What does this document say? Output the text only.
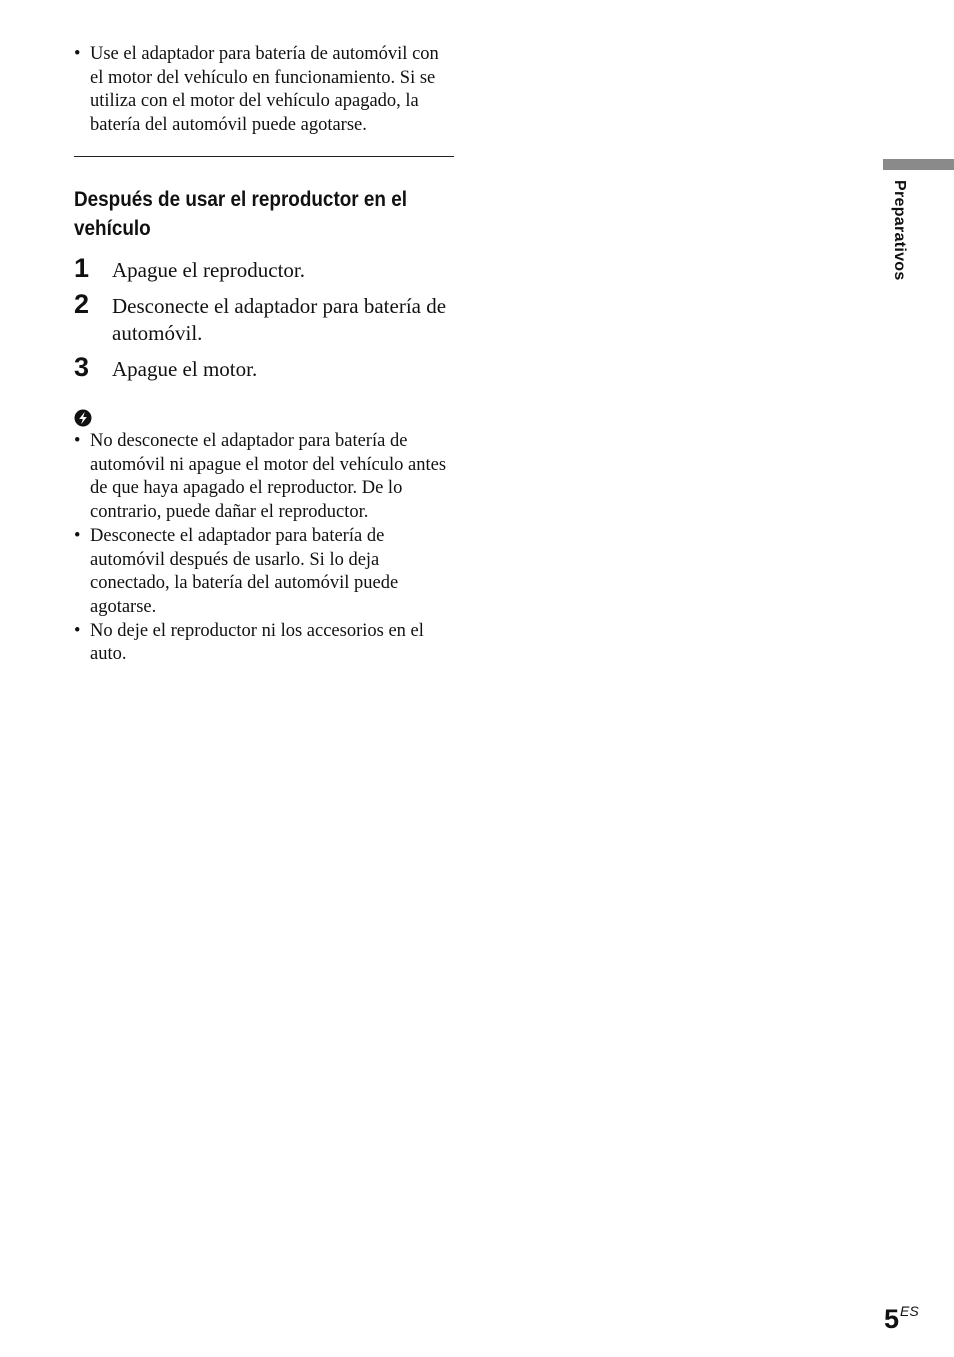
• Use el adaptador para batería de automóvil con el motor del vehículo en funcionamiento. Si se utiliza con el motor del vehículo apagado, la batería del automóvil puede agotarse.
Después de usar el reproductor en el vehículo
1 Apague el reproductor.
2 Desconecte el adaptador para batería de automóvil.
3 Apague el motor.
• No desconecte el adaptador para batería de automóvil ni apague el motor del vehículo antes de que haya apagado el reproductor. De lo contrario, puede dañar el reproductor.
• Desconecte el adaptador para batería de automóvil después de usarlo. Si lo deja conectado, la batería del automóvil puede agotarse.
• No deje el reproductor ni los accesorios en el auto.
Preparativos
$5^{ES}$
